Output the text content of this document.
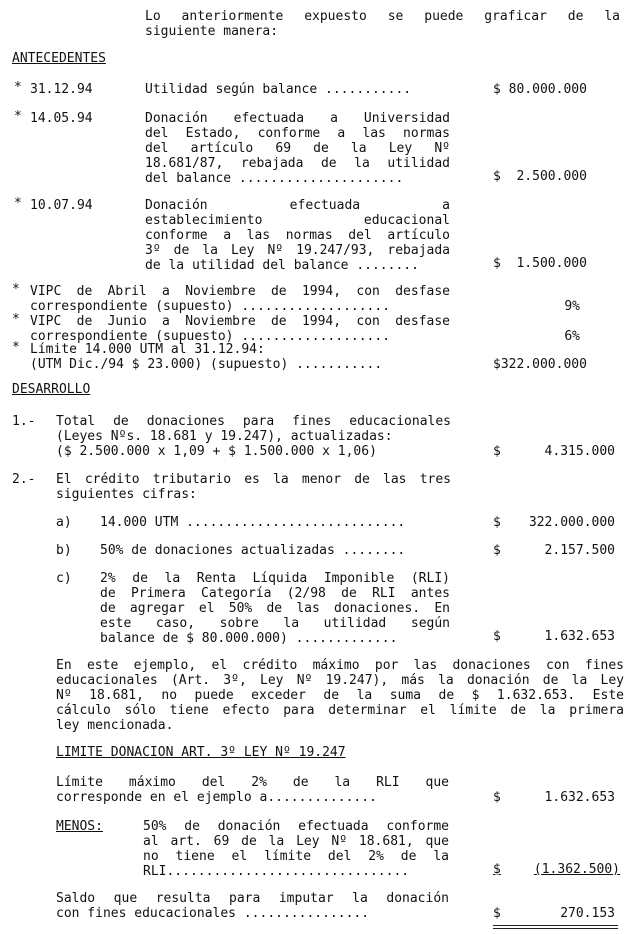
Lo anteriormente expuesto se puede graficar de la
siguiente manera:
ANTECEDENTES
* 31.12.94	Utilidad según balance ...........	$ 80.000.000
* 14.05.94	Donación efectuada a Universidad
del Estado, conforme a las normas
del artículo 69 de la Ley Nº
18.681/87, rebajada de la utilidad
del balance .....................	$  2.500.000
* 10.07.94	Donación efectuada a
establecimiento educacional
conforme a las normas del artículo
3º de la Ley Nº 19.247/93, rebajada
de la utilidad del balance ........	$  1.500.000
* VIPC de Abril a Noviembre de 1994, con desfase
correspondiente (supuesto) ...................	9%
* VIPC de Junio a Noviembre de 1994, con desfase
correspondiente (supuesto) ...................	6%
* Límite 14.000 UTM al 31.12.94:
(UTM Dic./94 $ 23.000) (supuesto) ...........	$322.000.000
DESARROLLO
1.- Total de donaciones para fines educacionales
(Leyes Nºs. 18.681 y 19.247), actualizadas:
($ 2.500.000 x 1,09 + $ 1.500.000 x 1,06)	$	4.315.000
2.- El crédito tributario es la menor de las tres
siguientes cifras:
a) 14.000 UTM ............................	$	322.000.000
b) 50% de donaciones actualizadas ........	$	2.157.500
c) 2% de la Renta Líquida Imponible (RLI)
de Primera Categoría (2/98 de RLI antes
de agregar el 50% de las donaciones. En
este caso, sobre la utilidad según
balance de $ 80.000.000) .............	$	1.632.653
En este ejemplo, el crédito máximo por las donaciones con fines
educacionales (Art. 3º, Ley Nº 19.247), más la donación de la Ley
Nº 18.681, no puede exceder de la suma de $ 1.632.653. Este
cálculo sólo tiene efecto para determinar el límite de la primera
ley mencionada.
LIMITE DONACION ART. 3º LEY Nº 19.247
Límite máximo del 2% de la RLI que
corresponde en el ejemplo a..............	$	1.632.653
MENOS:	50% de donación efectuada conforme
al art. 69 de la Ley Nº 18.681, que
no tiene el límite del 2% de la
RLI...............................	$	(1.362.500)
Saldo que resulta para imputar la donación
con fines educacionales ................	$	270.153
